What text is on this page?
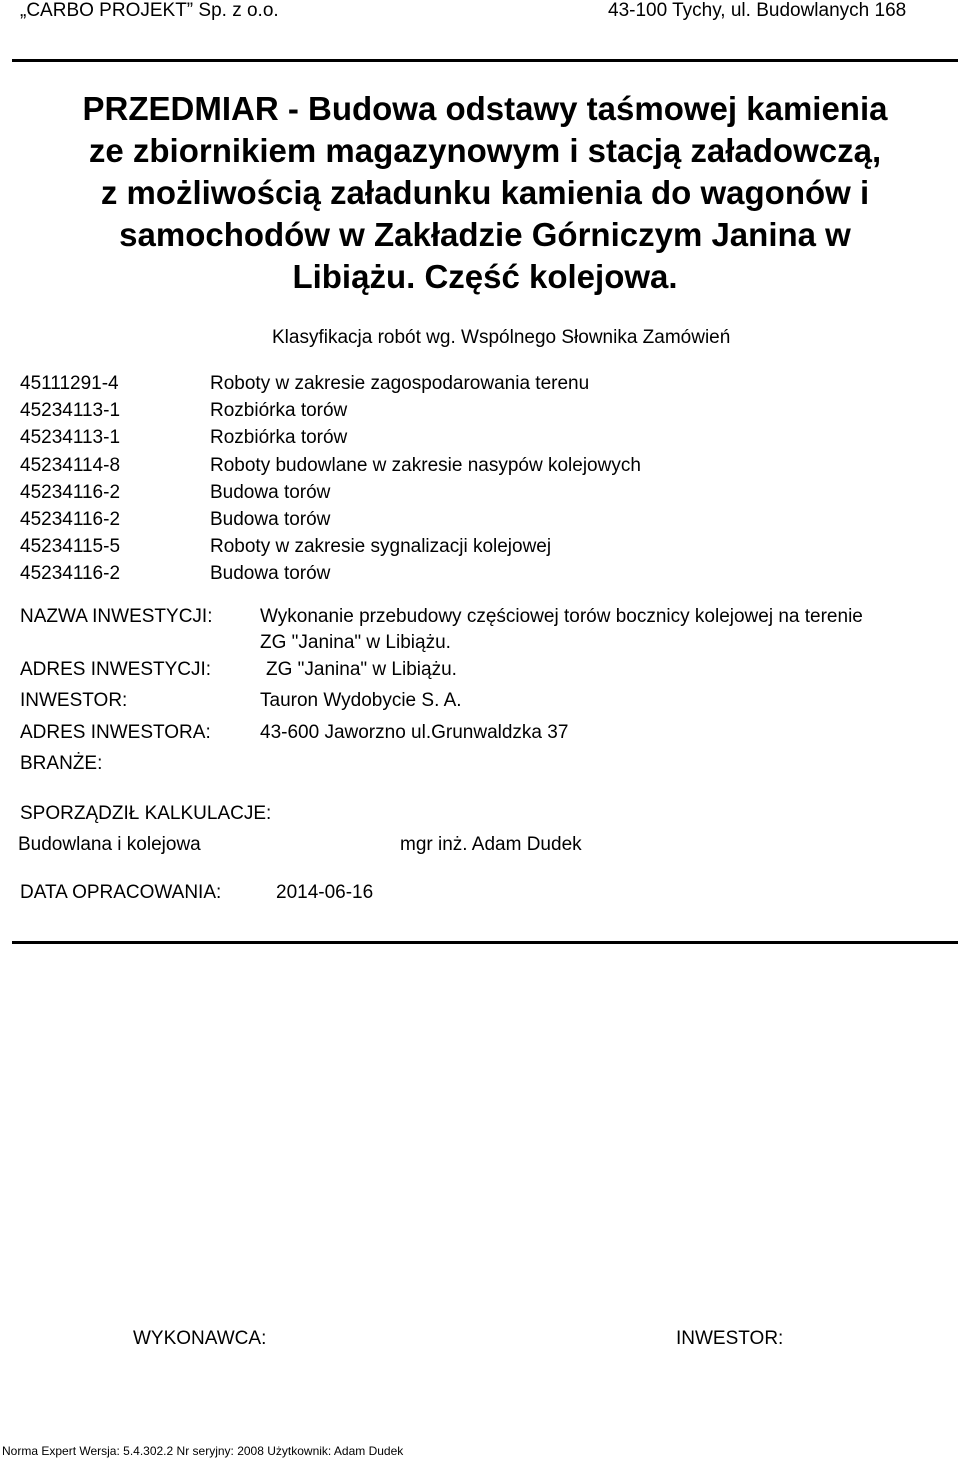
„CARBO PROJEKT” Sp. z o.o.	43-100 Tychy, ul. Budowlanych 168
PRZEDMIAR - Budowa odstawy taśmowej kamienia
ze zbiornikiem magazynowym i stacją załadowczą,
z możliwością załadunku kamienia do wagonów i
samochodów w Zakładzie Górniczym Janina w
Libiążu. Część kolejowa.
Klasyfikacja robót wg. Wspólnego Słownika Zamówień
45111291-4	Roboty w zakresie zagospodarowania terenu
45234113-1	Rozbiórka torów
45234113-1	Rozbiórka torów
45234114-8	Roboty budowlane w zakresie nasypów kolejowych
45234116-2	Budowa torów
45234116-2	Budowa torów
45234115-5	Roboty w zakresie sygnalizacji kolejowej
45234116-2	Budowa torów
NAZWA INWESTYCJI:	Wykonanie przebudowy częściowej torów bocznicy kolejowej na terenie
ZG "Janina" w Libiążu.
ADRES INWESTYCJI:	ZG "Janina" w Libiążu.
INWESTOR:	Tauron Wydobycie S. A.
ADRES INWESTORA:	43-600 Jaworzno ul.Grunwaldzka 37
BRANŻE:
SPORZĄDZIŁ KALKULACJE:
Budowlana i kolejowa	mgr inż. Adam Dudek
DATA OPRACOWANIA:	2014-06-16
WYKONAWCA:	INWESTOR:
Norma Expert Wersja: 5.4.302.2 Nr seryjny: 2008 Użytkownik: Adam Dudek
